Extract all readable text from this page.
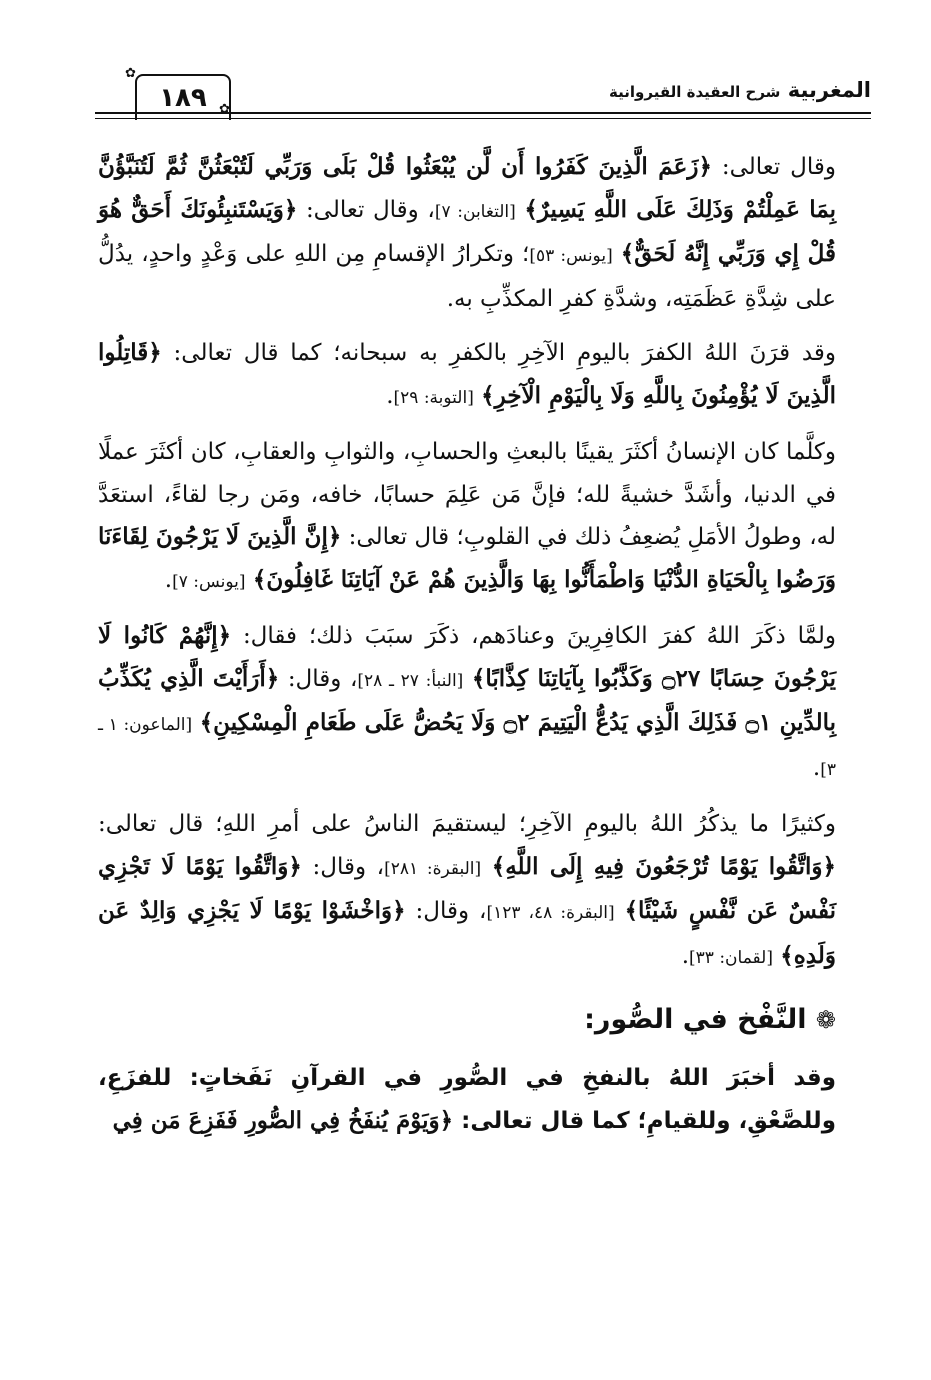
المغربية شرح العقيدة القيروانية
١٨٩
✿
✿

وقال تعالى: ﴿زَعَمَ الَّذِينَ كَفَرُوا أَن لَّن يُبْعَثُوا قُلْ بَلَى وَرَبِّي لَتُبْعَثُنَّ ثُمَّ لَتُنَبَّؤُنَّ بِمَا عَمِلْتُمْ وَذَلِكَ عَلَى اللَّهِ يَسِيرٌ﴾ [التغابن: ٧]، وقال تعالى: ﴿وَيَسْتَنبِئُونَكَ أَحَقٌّ هُوَ قُلْ إِي وَرَبِّي إِنَّهُ لَحَقٌّ﴾ [يونس: ٥٣]؛ وتكرارُ الإقسامِ مِن اللهِ على وَعْدٍ واحدٍ، يدُلُّ على شِدَّةِ عَظَمَتِه، وشدَّةِ كفرِ المكذِّبِ به.

وقد قرَنَ اللهُ الكفرَ باليومِ الآخِرِ بالكفرِ به سبحانه؛ كما قال تعالى: ﴿قَاتِلُوا الَّذِينَ لَا يُؤْمِنُونَ بِاللَّهِ وَلَا بِالْيَوْمِ الْآخِرِ﴾ [التوبة: ٢٩].

وكلَّما كان الإنسانُ أكثَرَ يقينًا بالبعثِ والحسابِ، والثوابِ والعقابِ، كان أكثَرَ عملًا في الدنيا، وأشَدَّ خشيةً لله؛ فإنَّ مَن عَلِمَ حسابًا، خافه، ومَن رجا لقاءً، استعَدَّ له، وطولُ الأمَلِ يُضعِفُ ذلك في القلوبِ؛ قال تعالى: ﴿إِنَّ الَّذِينَ لَا يَرْجُونَ لِقَاءَنَا وَرَضُوا بِالْحَيَاةِ الدُّنْيَا وَاطْمَأَنُّوا بِهَا وَالَّذِينَ هُمْ عَنْ آيَاتِنَا غَافِلُونَ﴾ [يونس: ٧].

ولمَّا ذكَرَ اللهُ كفرَ الكافِرِينَ وعنادَهم، ذكَرَ سبَبَ ذلك؛ فقال: ﴿إِنَّهُمْ كَانُوا لَا يَرْجُونَ حِسَابًا ۝٢٧ وَكَذَّبُوا بِآيَاتِنَا كِذَّابًا﴾ [النبأ: ٢٧ ـ ٢٨]، وقال: ﴿أَرَأَيْتَ الَّذِي يُكَذِّبُ بِالدِّينِ ۝١ فَذَلِكَ الَّذِي يَدُعُّ الْيَتِيمَ ۝٢ وَلَا يَحُضُّ عَلَى طَعَامِ الْمِسْكِينِ﴾ [الماعون: ١ ـ ٣].

وكثيرًا ما يذكُرُ اللهُ باليومِ الآخِرِ؛ ليستقيمَ الناسُ على أمرِ اللهِ؛ قال تعالى: ﴿وَاتَّقُوا يَوْمًا تُرْجَعُونَ فِيهِ إِلَى اللَّهِ﴾ [البقرة: ٢٨١]، وقال: ﴿وَاتَّقُوا يَوْمًا لَا تَجْزِي نَفْسٌ عَن نَّفْسٍ شَيْئًا﴾ [البقرة: ٤٨، ١٢٣]، وقال: ﴿وَاخْشَوْا يَوْمًا لَا يَجْزِي وَالِدٌ عَن وَلَدِهِ﴾ [لقمان: ٣٣].

❁ النَّفْخ في الصُّور:

وقد أخبَرَ اللهُ بالنفخِ في الصُّورِ في القرآنِ نَفَخاتٍ: للفزَعِ، وللصَّعْقِ، وللقيامِ؛ كما قال تعالى: ﴿وَيَوْمَ يُنفَخُ فِي الصُّورِ فَفَزِعَ مَن فِي
